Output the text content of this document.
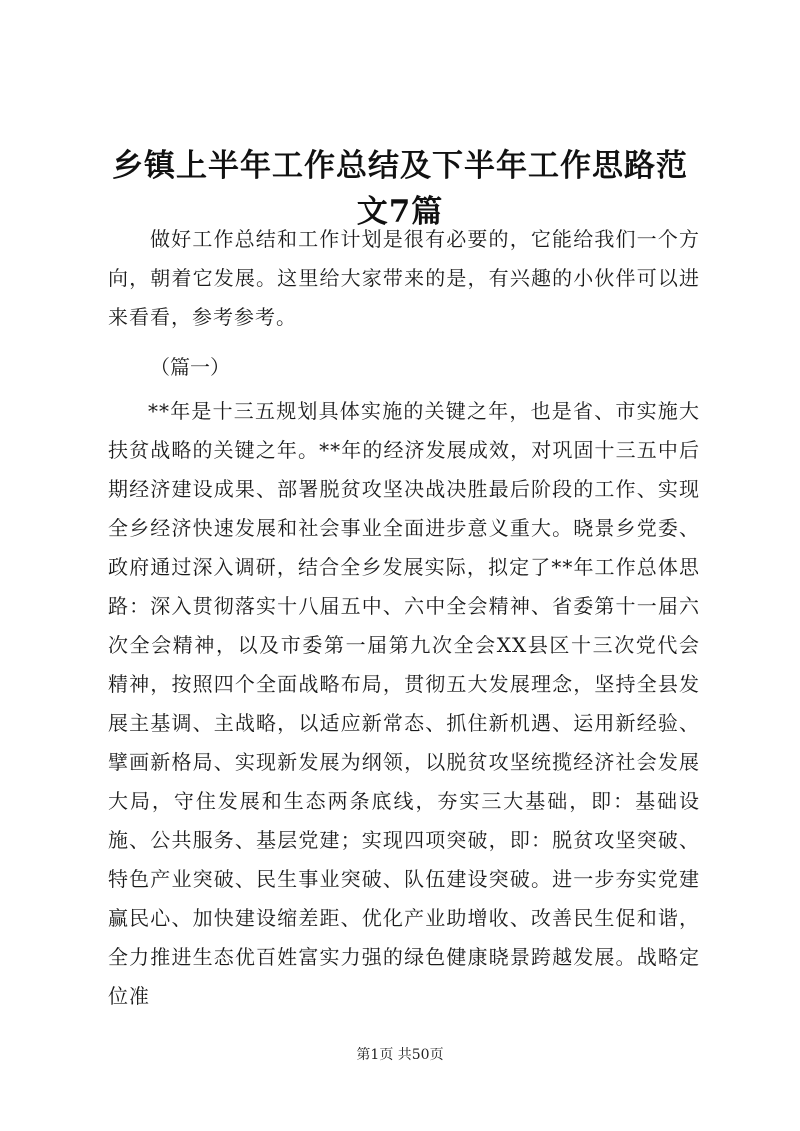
乡镇上半年工作总结及下半年工作思路范文7篇

做好工作总结和工作计划是很有必要的，它能给我们一个方向，朝着它发展。这里给大家带来的是，有兴趣的小伙伴可以进来看看，参考参考。

（篇一）

**年是十三五规划具体实施的关键之年，也是省、市实施大扶贫战略的关键之年。**年的经济发展成效，对巩固十三五中后期经济建设成果、部署脱贫攻坚决战决胜最后阶段的工作、实现全乡经济快速发展和社会事业全面进步意义重大。晓景乡党委、政府通过深入调研，结合全乡发展实际，拟定了**年工作总体思路：深入贯彻落实十八届五中、六中全会精神、省委第十一届六次全会精神，以及市委第一届第九次全会XX县区十三次党代会精神，按照四个全面战略布局，贯彻五大发展理念，坚持全县发展主基调、主战略，以适应新常态、抓住新机遇、运用新经验、擘画新格局、实现新发展为纲领，以脱贫攻坚统揽经济社会发展大局，守住发展和生态两条底线，夯实三大基础，即：基础设施、公共服务、基层党建；实现四项突破，即：脱贫攻坚突破、特色产业突破、民生事业突破、队伍建设突破。进一步夯实党建赢民心、加快建设缩差距、优化产业助增收、改善民生促和谐，全力推进生态优百姓富实力强的绿色健康晓景跨越发展。战略定位准

第1页 共50页
